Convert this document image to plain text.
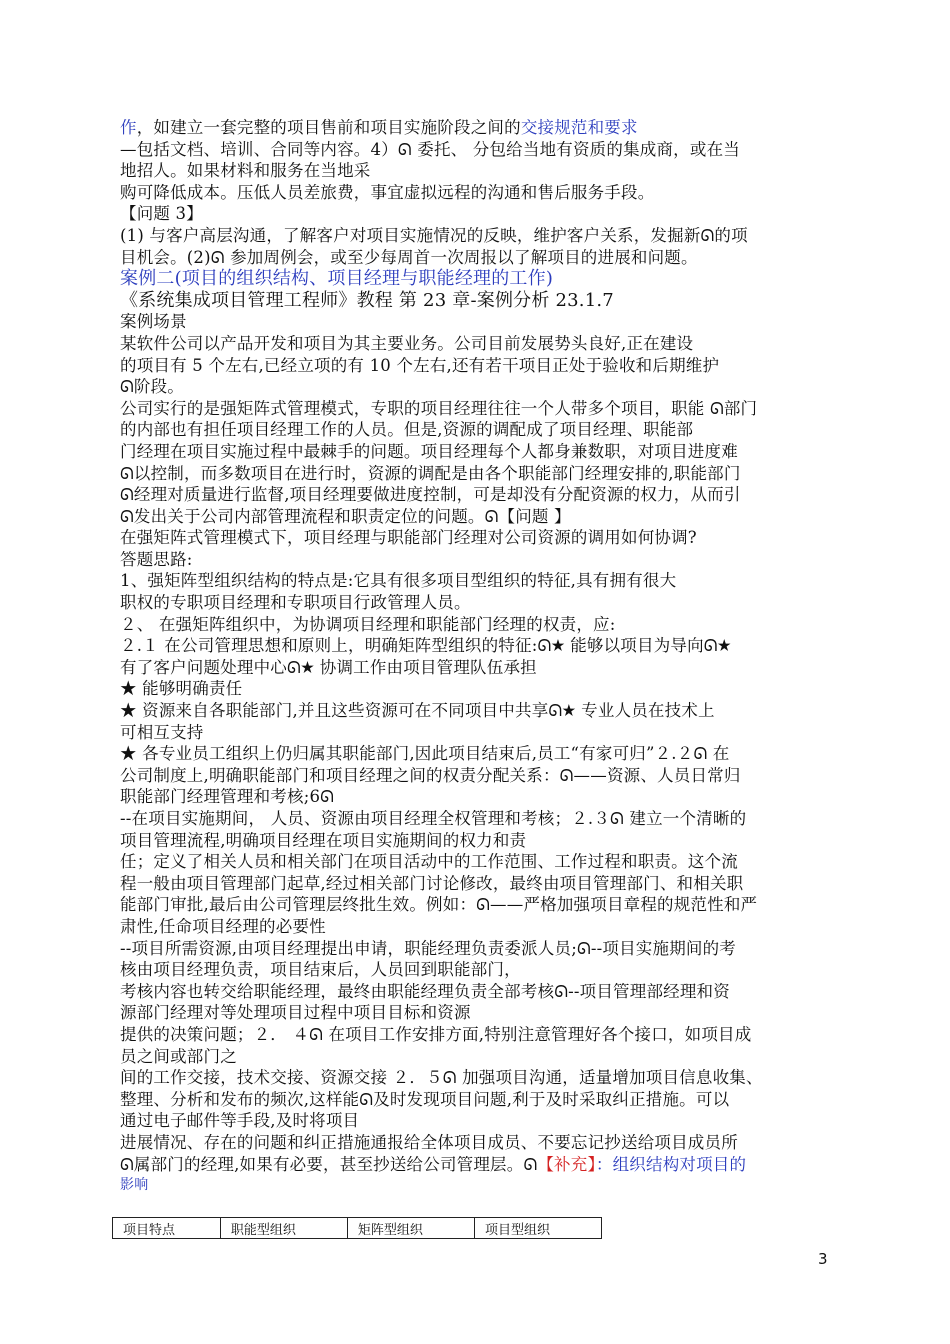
作，如建立一套完整的项目售前和项目实施阶段之间的交接规范和要求
—包括文档、培训、合同等内容。4）ᘏ 委托、 分包给当地有资质的集成商，或在当
地招人。如果材料和服务在当地采
购可降低成本。压低人员差旅费，事宜虚拟远程的沟通和售后服务手段。
【问题 3】
(1) 与客户高层沟通，了解客户对项目实施情况的反映，维护客户关系，发掘新ᘏ的项
目机会。(2)ᘏ 参加周例会，或至少每周首一次周报以了解项目的进展和问题。
案例二(项目的组织结构、项目经理与职能经理的工作)
《系统集成项目管理工程师》教程 第 23 章-案例分析 23.1.7
案例场景
某软件公司以产品开发和项目为其主要业务。公司目前发展势头良好,正在建设
的项目有 5 个左右,已经立项的有 10 个左右,还有若干项目正处于验收和后期维护
ᘏ阶段。
公司实行的是强矩阵式管理模式，专职的项目经理往往一个人带多个项目，职能 ᘏ部门
的内部也有担任项目经理工作的人员。但是,资源的调配成了项目经理、职能部
门经理在项目实施过程中最棘手的问题。项目经理每个人都身兼数职，对项目进度难
ᘏ以控制，而多数项目在进行时，资源的调配是由各个职能部门经理安排的,职能部门
ᘏ经理对质量进行监督,项目经理要做进度控制，可是却没有分配资源的权力，从而引
ᘏ发出关于公司内部管理流程和职责定位的问题。ᘏ【问题 】
在强矩阵式管理模式下，项目经理与职能部门经理对公司资源的调用如何协调?
答题思路:
1、强矩阵型组织结构的特点是:它具有很多项目型组织的特征,具有拥有很大
职权的专职项目经理和专职项目行政管理人员。
２、 在强矩阵组织中，为协调项目经理和职能部门经理的权责，应:
２.１ 在公司管理思想和原则上，明确矩阵型组织的特征:ᘏ★ 能够以项目为导向ᘏ★
有了客户问题处理中心ᘏ★ 协调工作由项目管理队伍承担
★ 能够明确责任
★ 资源来自各职能部门,并且这些资源可在不同项目中共享ᘏ★ 专业人员在技术上
可相互支持
★ 各专业员工组织上仍归属其职能部门,因此项目结束后,员工“有家可归”２.２ᘏ 在
公司制度上,明确职能部门和项目经理之间的权责分配关系：ᘏ——资源、人员日常归
职能部门经理管理和考核;6ᘏ
--在项目实施期间， 人员、资源由项目经理全权管理和考核；２.３ᘏ 建立一个清晰的
项目管理流程,明确项目经理在项目实施期间的权力和责
任；定义了相关人员和相关部门在项目活动中的工作范围、工作过程和职责。这个流
程一般由项目管理部门起草,经过相关部门讨论修改，最终由项目管理部门、和相关职
能部门审批,最后由公司管理层终批生效。例如：ᘏ——严格加强项目章程的规范性和严
肃性,任命项目经理的必要性
--项目所需资源,由项目经理提出申请，职能经理负责委派人员;ᘏ--项目实施期间的考
核由项目经理负责，项目结束后，人员回到职能部门，
考核内容也转交给职能经理，最终由职能经理负责全部考核ᘏ--项目管理部经理和资
源部门经理对等处理项目过程中项目目标和资源
提供的决策问题；２． ４ᘏ 在项目工作安排方面,特别注意管理好各个接口，如项目成
员之间或部门之
间的工作交接，技术交接、资源交接 ２．５ᘏ 加强项目沟通，适量增加项目信息收集、
整理、分析和发布的频次,这样能ᘏ及时发现项目问题,利于及时采取纠正措施。可以
通过电子邮件等手段,及时将项目
进展情况、存在的问题和纠正措施通报给全体项目成员、不要忘记抄送给项目成员所
ᘏ属部门的经理,如果有必要，甚至抄送给公司管理层。ᘏ【补充】：组织结构对项目的
影响
项目特点	职能型组织	矩阵型组织	项目型组织
3
